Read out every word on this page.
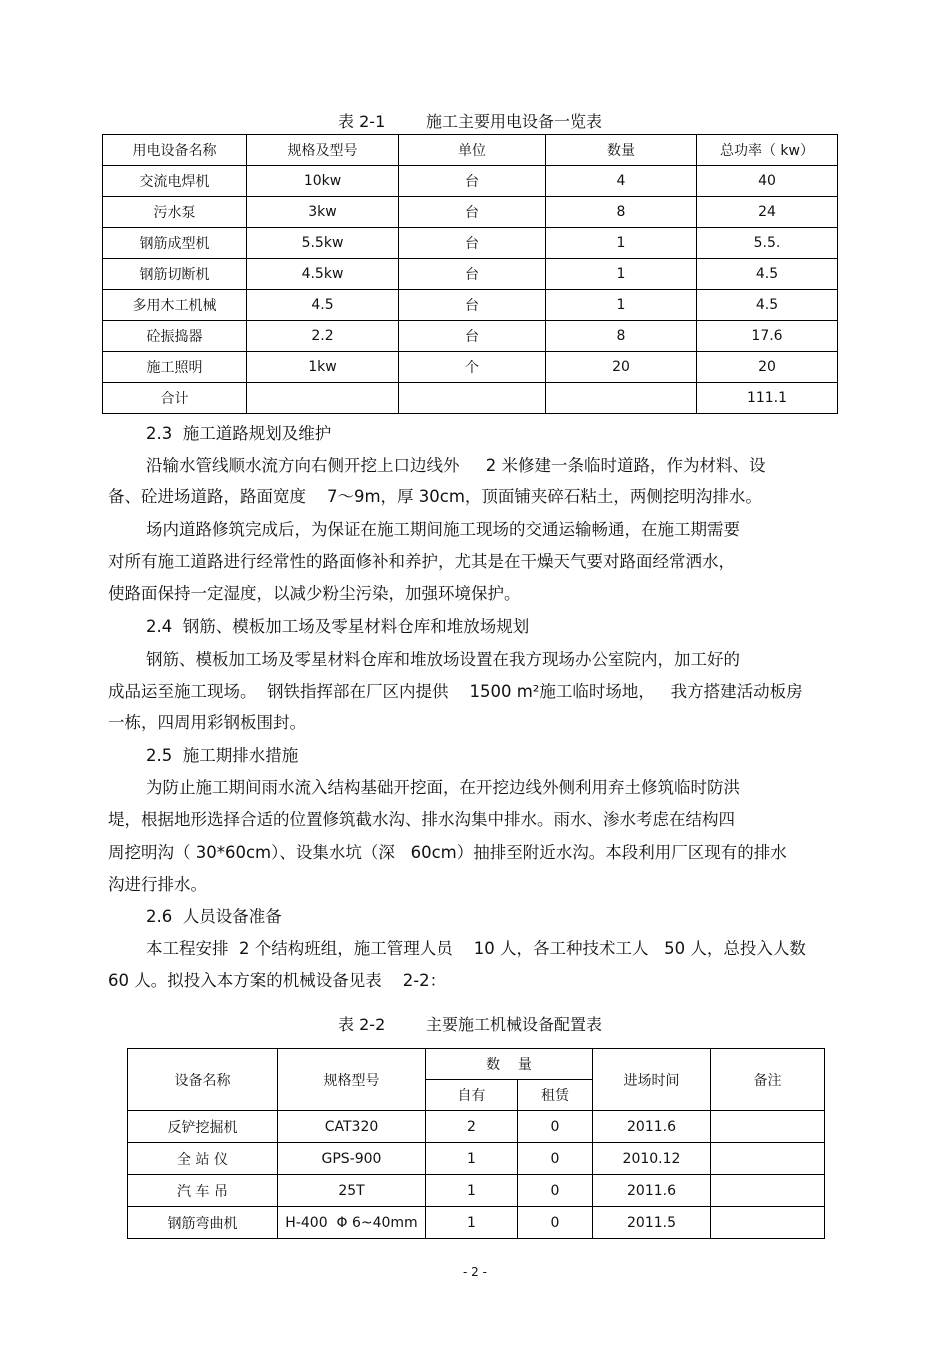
表 2-1        施工主要用电设备一览表
用电设备名称	规格及型号	单位	数量	总功率（ kw）
交流电焊机	10kw	台	4	40
污水泵	3kw	台	8	24
钢筋成型机	5.5kw	台	1	5.5.
钢筋切断机	4.5kw	台	1	4.5
多用木工机械	4.5	台	1	4.5
砼振捣器	2.2	台	8	17.6
施工照明	1kw	个	20	20
合计				111.1
2.3  施工道路规划及维护
沿输水管线顺水流方向右侧开挖上口边线外     2 米修建一条临时道路，作为材料、设
备、砼进场道路，路面宽度    7～9m，厚 30cm，顶面铺夹碎石粘土，两侧挖明沟排水。
场内道路修筑完成后，为保证在施工期间施工现场的交通运输畅通，在施工期需要
对所有施工道路进行经常性的路面修补和养护，尤其是在干燥天气要对路面经常洒水，
使路面保持一定湿度，以减少粉尘污染，加强环境保护。
2.4  钢筋、模板加工场及零星材料仓库和堆放场规划
钢筋、模板加工场及零星材料仓库和堆放场设置在我方现场办公室院内，加工好的
成品运至施工现场。  钢铁指挥部在厂区内提供    1500 m²施工临时场地，   我方搭建活动板房
一栋，四周用彩钢板围封。
2.5  施工期排水措施
为防止施工期间雨水流入结构基础开挖面，在开挖边线外侧利用弃土修筑临时防洪
堤，根据地形选择合适的位置修筑截水沟、排水沟集中排水。雨水、渗水考虑在结构四
周挖明沟（ 30*60cm）、设集水坑（深   60cm）抽排至附近水沟。本段利用厂区现有的排水
沟进行排水。
2.6  人员设备准备
本工程安排  2 个结构班组，施工管理人员    10 人，各工种技术工人   50 人，总投入人数
60 人。拟投入本方案的机械设备见表    2-2：
表 2-2        主要施工机械设备配置表
设备名称	规格型号	数    量		进场时间	备注
		自有	租赁		
反铲挖掘机	CAT320	2	0	2011.6	
全 站 仪	GPS-900	1	0	2010.12	
汽 车 吊	25T	1	0	2011.6	
钢筋弯曲机	H-400  Φ 6~40mm	1	0	2011.5	
- 2 -
